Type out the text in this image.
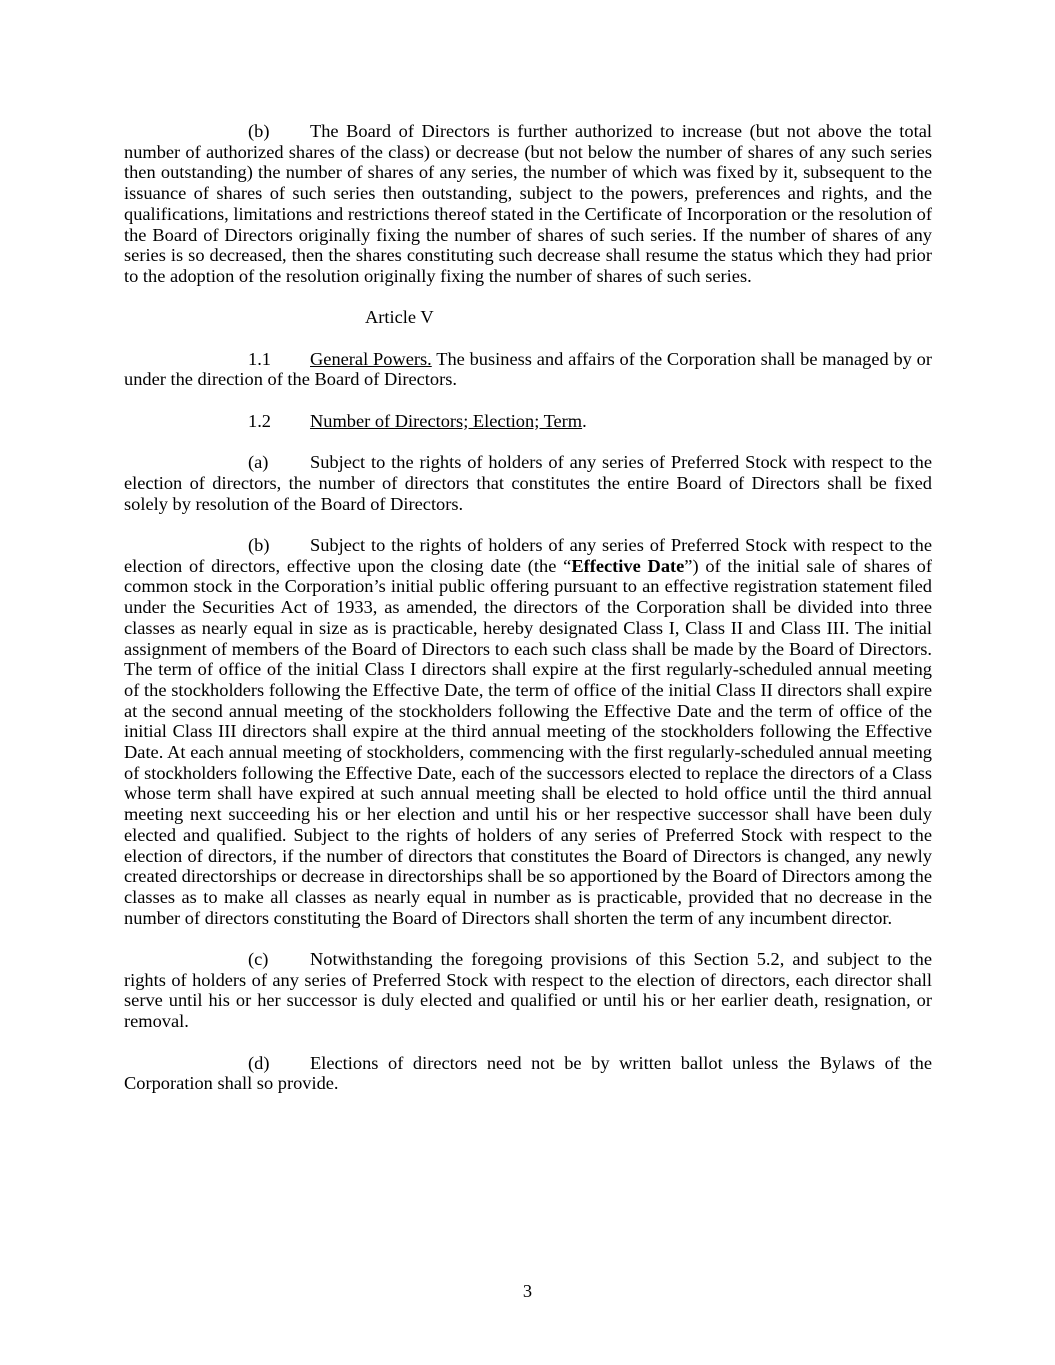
(b) The Board of Directors is further authorized to increase (but not above the total number of authorized shares of the class) or decrease (but not below the number of shares of any such series then outstanding) the number of shares of any series, the number of which was fixed by it, subsequent to the issuance of shares of such series then outstanding, subject to the powers, preferences and rights, and the qualifications, limitations and restrictions thereof stated in the Certificate of Incorporation or the resolution of the Board of Directors originally fixing the number of shares of such series. If the number of shares of any series is so decreased, then the shares constituting such decrease shall resume the status which they had prior to the adoption of the resolution originally fixing the number of shares of such series.

Article V

1.1 General Powers. The business and affairs of the Corporation shall be managed by or under the direction of the Board of Directors.

1.2 Number of Directors; Election; Term.

(a) Subject to the rights of holders of any series of Preferred Stock with respect to the election of directors, the number of directors that constitutes the entire Board of Directors shall be fixed solely by resolution of the Board of Directors.

(b) Subject to the rights of holders of any series of Preferred Stock with respect to the election of directors, effective upon the closing date (the “Effective Date”) of the initial sale of shares of common stock in the Corporation’s initial public offering pursuant to an effective registration statement filed under the Securities Act of 1933, as amended, the directors of the Corporation shall be divided into three classes as nearly equal in size as is practicable, hereby designated Class I, Class II and Class III. The initial assignment of members of the Board of Directors to each such class shall be made by the Board of Directors. The term of office of the initial Class I directors shall expire at the first regularly-scheduled annual meeting of the stockholders following the Effective Date, the term of office of the initial Class II directors shall expire at the second annual meeting of the stockholders following the Effective Date and the term of office of the initial Class III directors shall expire at the third annual meeting of the stockholders following the Effective Date. At each annual meeting of stockholders, commencing with the first regularly-scheduled annual meeting of stockholders following the Effective Date, each of the successors elected to replace the directors of a Class whose term shall have expired at such annual meeting shall be elected to hold office until the third annual meeting next succeeding his or her election and until his or her respective successor shall have been duly elected and qualified. Subject to the rights of holders of any series of Preferred Stock with respect to the election of directors, if the number of directors that constitutes the Board of Directors is changed, any newly created directorships or decrease in directorships shall be so apportioned by the Board of Directors among the classes as to make all classes as nearly equal in number as is practicable, provided that no decrease in the number of directors constituting the Board of Directors shall shorten the term of any incumbent director.

(c) Notwithstanding the foregoing provisions of this Section 5.2, and subject to the rights of holders of any series of Preferred Stock with respect to the election of directors, each director shall serve until his or her successor is duly elected and qualified or until his or her earlier death, resignation, or removal.

(d) Elections of directors need not be by written ballot unless the Bylaws of the Corporation shall so provide.

3
